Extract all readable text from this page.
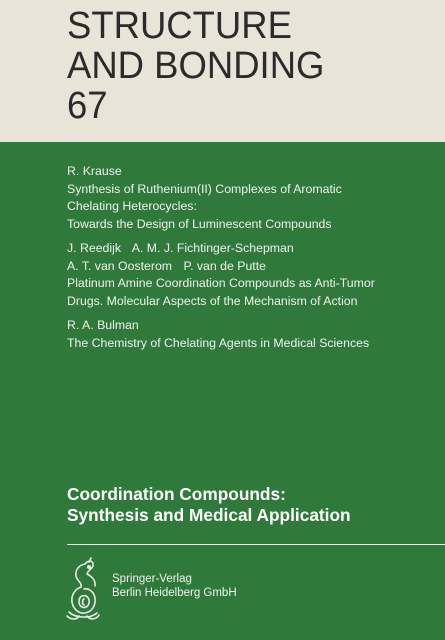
STRUCTURE
AND BONDING
67
R. Krause
Synthesis of Ruthenium(II) Complexes of Aromatic
Chelating Heterocycles:
Towards the Design of Luminescent Compounds
J. Reedijk A. M. J. Fichtinger-Schepman
A. T. van Oosterom P. van de Putte
Platinum Amine Coordination Compounds as Anti-Tumor
Drugs. Molecular Aspects of the Mechanism of Action
R. A. Bulman
The Chemistry of Chelating Agents in Medical Sciences
Coordination Compounds:
Synthesis and Medical Application
Springer-Verlag
Berlin Heidelberg GmbH
